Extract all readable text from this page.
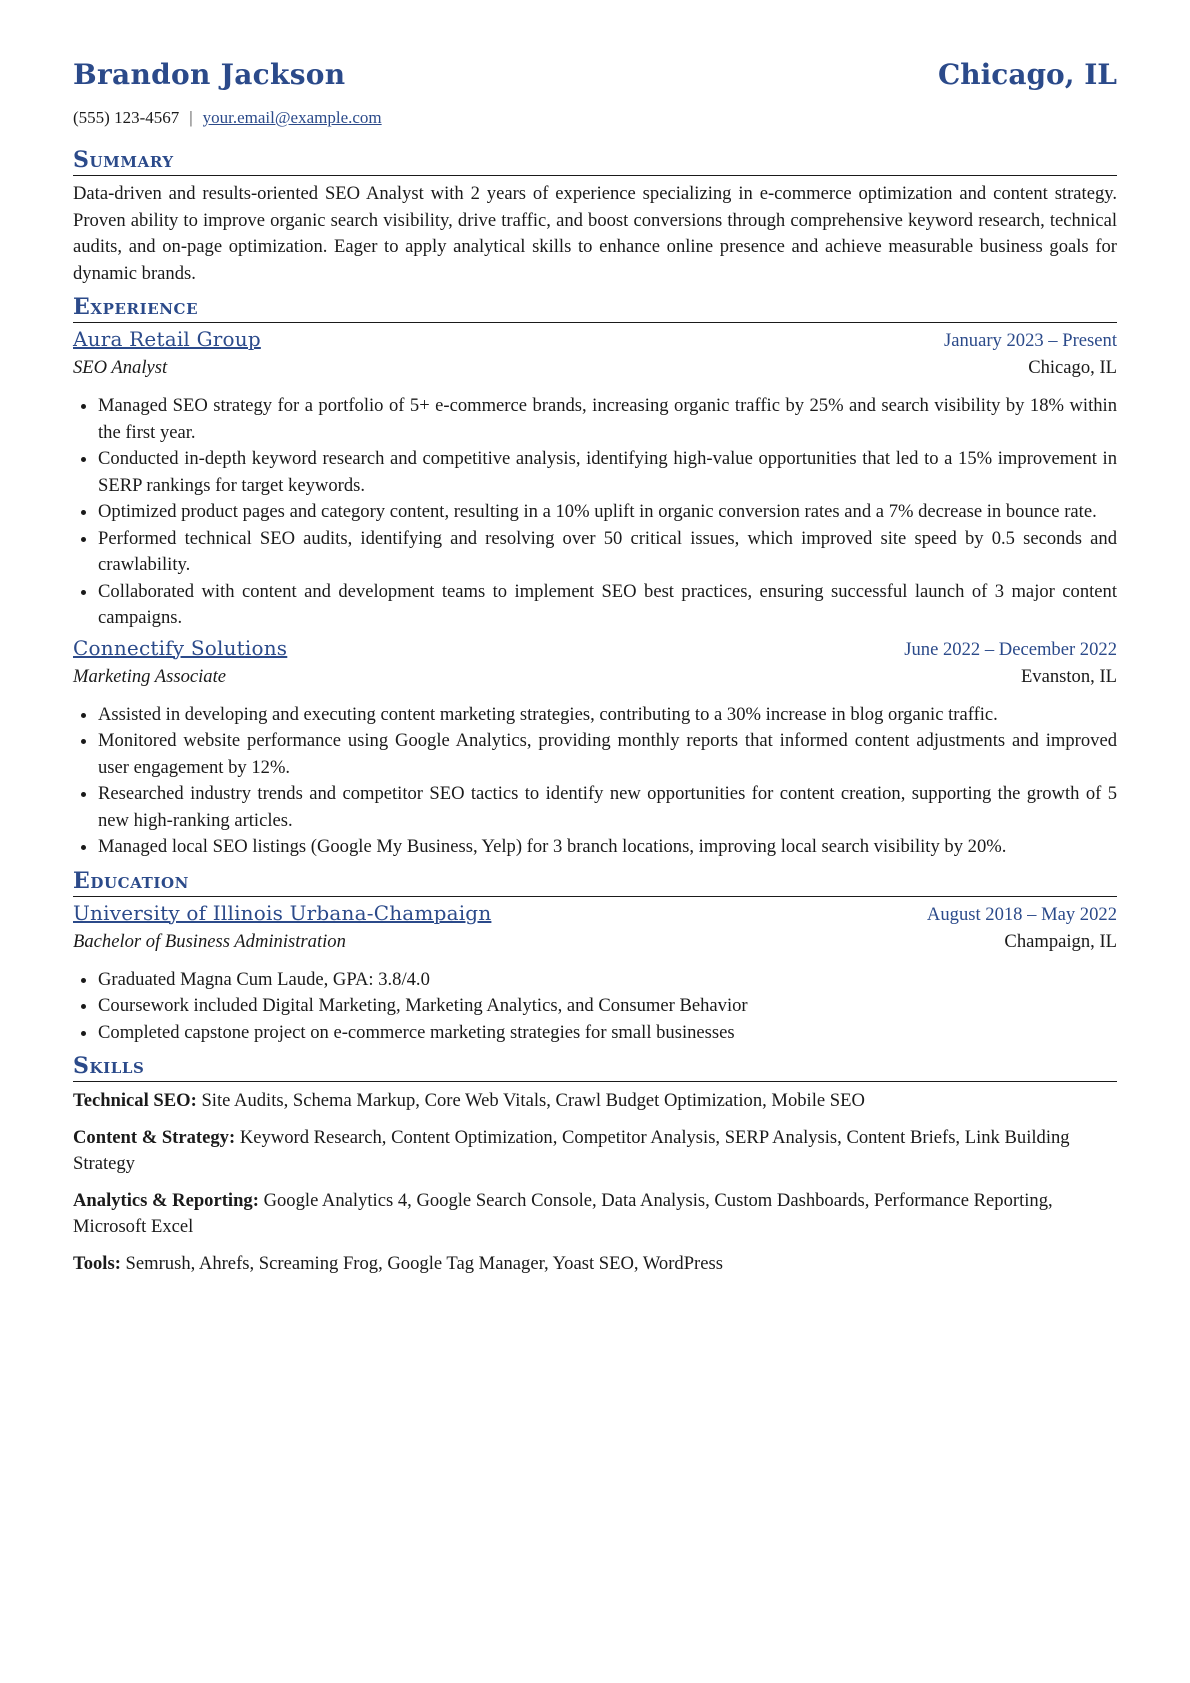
Brandon Jackson	Chicago, IL
(555) 123-4567 | your.email@example.com
Summary
Data-driven and results-oriented SEO Analyst with 2 years of experience specializing in e-commerce optimization and content strategy. Proven ability to improve organic search visibility, drive traffic, and boost conversions through comprehensive keyword research, technical audits, and on-page optimization. Eager to apply analytical skills to enhance online presence and achieve measurable business goals for dynamic brands.
Experience
Aura Retail Group	January 2023 – Present
SEO Analyst	Chicago, IL
• Managed SEO strategy for a portfolio of 5+ e-commerce brands, increasing organic traffic by 25% and search visibility by 18% within the first year.
• Conducted in-depth keyword research and competitive analysis, identifying high-value opportunities that led to a 15% improvement in SERP rankings for target keywords.
• Optimized product pages and category content, resulting in a 10% uplift in organic conversion rates and a 7% decrease in bounce rate.
• Performed technical SEO audits, identifying and resolving over 50 critical issues, which improved site speed by 0.5 seconds and crawlability.
• Collaborated with content and development teams to implement SEO best practices, ensuring successful launch of 3 major content campaigns.
Connectify Solutions	June 2022 – December 2022
Marketing Associate	Evanston, IL
• Assisted in developing and executing content marketing strategies, contributing to a 30% increase in blog organic traffic.
• Monitored website performance using Google Analytics, providing monthly reports that informed content adjustments and improved user engagement by 12%.
• Researched industry trends and competitor SEO tactics to identify new opportunities for content creation, supporting the growth of 5 new high-ranking articles.
• Managed local SEO listings (Google My Business, Yelp) for 3 branch locations, improving local search visibility by 20%.
Education
University of Illinois Urbana-Champaign	August 2018 – May 2022
Bachelor of Business Administration	Champaign, IL
• Graduated Magna Cum Laude, GPA: 3.8/4.0
• Coursework included Digital Marketing, Marketing Analytics, and Consumer Behavior
• Completed capstone project on e-commerce marketing strategies for small businesses
Skills
Technical SEO: Site Audits, Schema Markup, Core Web Vitals, Crawl Budget Optimization, Mobile SEO
Content & Strategy: Keyword Research, Content Optimization, Competitor Analysis, SERP Analysis, Content Briefs, Link Building Strategy
Analytics & Reporting: Google Analytics 4, Google Search Console, Data Analysis, Custom Dashboards, Performance Reporting, Microsoft Excel
Tools: Semrush, Ahrefs, Screaming Frog, Google Tag Manager, Yoast SEO, WordPress
